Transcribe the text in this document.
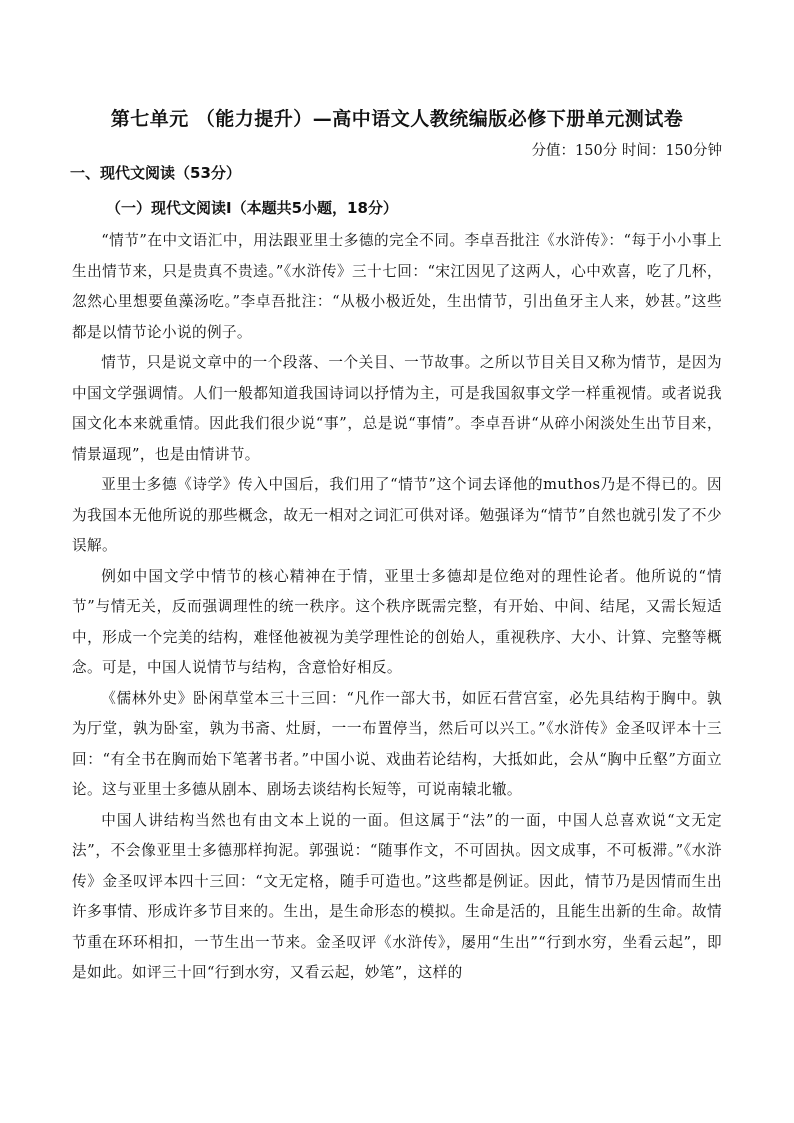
第七单元 （能力提升）—高中语文人教统编版必修下册单元测试卷
分值：150分 时间：150分钟
一、现代文阅读（53分）
（一）现代文阅读Ⅰ（本题共5小题，18分）

“情节”在中文语汇中，用法跟亚里士多德的完全不同。李卓吾批注《水浒传》：“每于小小事上生出情节来，只是贵真不贵逵。”《水浒传》三十七回：“宋江因见了这两人，心中欢喜，吃了几杯，忽然心里想要鱼藻汤吃。”李卓吾批注：“从极小极近处，生出情节，引出鱼牙主人来，妙甚。”这些都是以情节论小说的例子。

情节，只是说文章中的一个段落、一个关目、一节故事。之所以节目关目又称为情节，是因为中国文学强调情。人们一般都知道我国诗词以抒情为主，可是我国叙事文学一样重视情。或者说我国文化本来就重情。因此我们很少说“事”，总是说“事情”。李卓吾讲“从碎小闲淡处生出节目来，情景逼现”，也是由情讲节。

亚里士多德《诗学》传入中国后，我们用了“情节”这个词去译他的muthos乃是不得已的。因为我国本无他所说的那些概念，故无一相对之词汇可供对译。勉强译为“情节”自然也就引发了不少误解。

例如中国文学中情节的核心精神在于情，亚里士多德却是位绝对的理性论者。他所说的“情节”与情无关，反而强调理性的统一秩序。这个秩序既需完整，有开始、中间、结尾，又需长短适中，形成一个完美的结构，难怪他被视为美学理性论的创始人，重视秩序、大小、计算、完整等概念。可是，中国人说情节与结构，含意恰好相反。

《儒林外史》卧闲草堂本三十三回：“凡作一部大书，如匠石营宫室，必先具结构于胸中。孰为厅堂，孰为卧室，孰为书斋、灶厨，一一布置停当，然后可以兴工。”《水浒传》金圣叹评本十三回：“有全书在胸而始下笔著书者。”中国小说、戏曲若论结构，大抵如此，会从“胸中丘壑”方面立论。这与亚里士多德从剧本、剧场去谈结构长短等，可说南辕北辙。

中国人讲结构当然也有由文本上说的一面。但这属于“法”的一面，中国人总喜欢说“文无定法”，不会像亚里士多德那样拘泥。郭强说：“随事作文，不可固执。因文成事，不可板滞。”《水浒传》金圣叹评本四十三回：“文无定格，随手可造也。”这些都是例证。因此，情节乃是因情而生出许多事情、形成许多节目来的。生出，是生命形态的模拟。生命是活的，且能生出新的生命。故情节重在环环相扣，一节生出一节来。金圣叹评《水浒传》，屡用“生出”“行到水穷，坐看云起”，即是如此。如评三十回“行到水穷，又看云起，妙笔”，这样的
